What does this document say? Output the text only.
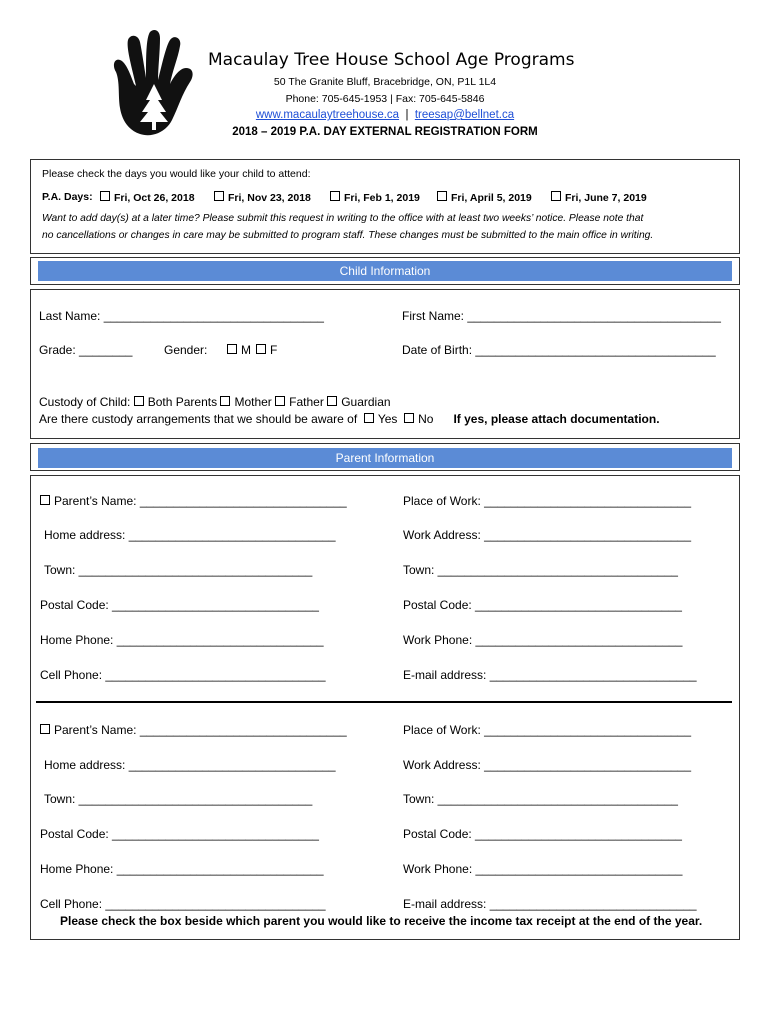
Macaulay Tree House School Age Programs
50 The Granite Bluff, Bracebridge, ON, P1L 1L4
Phone: 705-645-1953 | Fax: 705-645-5846
www.macaulaytreehouse.ca | treesap@bellnet.ca
2018 – 2019 P.A. DAY EXTERNAL REGISTRATION FORM
Please check the days you would like your child to attend:
P.A. Days:	Fri, Oct 26, 2018	Fri, Nov 23, 2018	Fri, Feb 1, 2019	Fri, April 5, 2019	Fri, June 7, 2019
Want to add day(s) at a later time? Please submit this request in writing to the office with at least two weeks’ notice. Please note that
no cancellations or changes in care may be submitted to program staff. These changes must be submitted to the main office in writing.
Child Information
Last Name: _________________________________	First Name: ______________________________________
Grade: ________	Gender:	M	F	Date of Birth: ____________________________________
Custody of Child: Both Parents Mother Father Guardian
Are there custody arrangements that we should be aware of Yes No If yes, please attach documentation.
Parent Information
Parent’s Name: _______________________________	Place of Work: _______________________________
Home address: _______________________________	Work Address: _______________________________
Town: ___________________________________	Town: ____________________________________
Postal Code: _______________________________	Postal Code: _______________________________
Home Phone: _______________________________	Work Phone: _______________________________
Cell Phone: _________________________________	E-mail address: _______________________________
Parent’s Name: _______________________________	Place of Work: _______________________________
Home address: _______________________________	Work Address: _______________________________
Town: ___________________________________	Town: ____________________________________
Postal Code: _______________________________	Postal Code: _______________________________
Home Phone: _______________________________	Work Phone: _______________________________
Cell Phone: _________________________________	E-mail address: _______________________________
Please check the box beside which parent you would like to receive the income tax receipt at the end of the year.
